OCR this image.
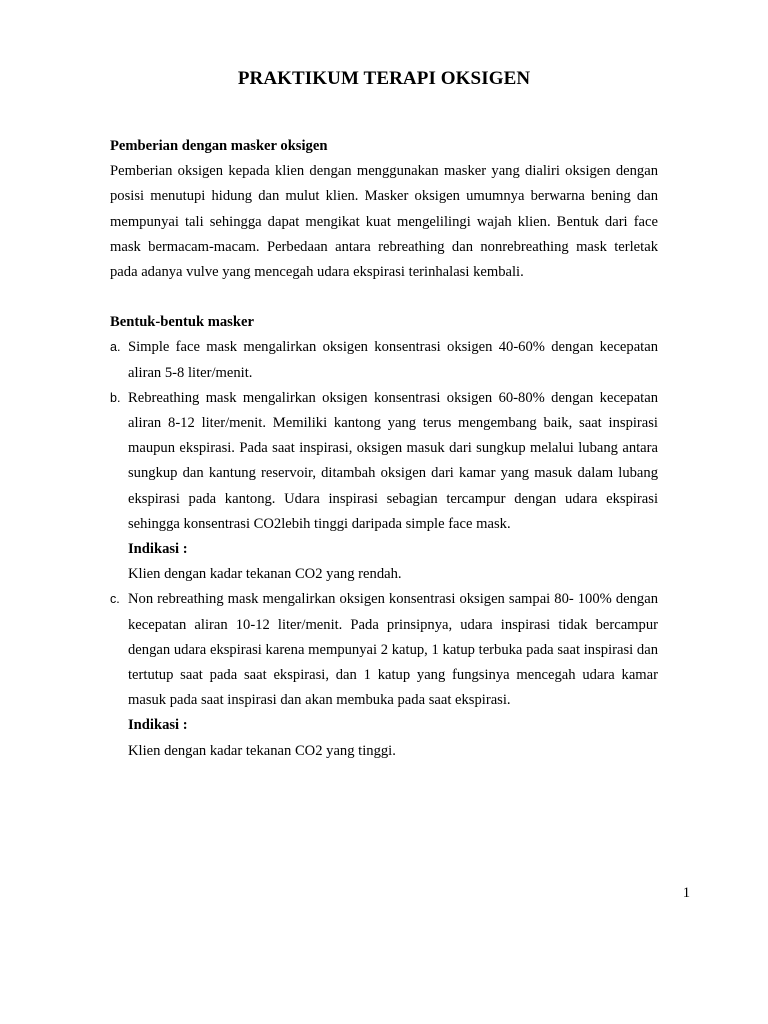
PRAKTIKUM TERAPI OKSIGEN

Pemberian dengan masker oksigen

Pemberian oksigen kepada klien dengan menggunakan masker yang dialiri oksigen dengan posisi menutupi hidung dan mulut klien. Masker oksigen umumnya berwarna bening dan mempunyai tali sehingga dapat mengikat kuat mengelilingi wajah klien. Bentuk dari face mask bermacam-macam. Perbedaan antara rebreathing dan nonrebreathing mask terletak pada adanya vulve yang mencegah udara ekspirasi terinhalasi kembali.

Bentuk-bentuk masker

a. Simple face mask mengalirkan oksigen konsentrasi oksigen 40-60% dengan kecepatan aliran 5-8 liter/menit.

b. Rebreathing mask mengalirkan oksigen konsentrasi oksigen 60-80% dengan kecepatan aliran 8-12 liter/menit. Memiliki kantong yang terus mengembang baik, saat inspirasi maupun ekspirasi. Pada saat inspirasi, oksigen masuk dari sungkup melalui lubang antara sungkup dan kantung reservoir, ditambah oksigen dari kamar yang masuk dalam lubang ekspirasi pada kantong. Udara inspirasi sebagian tercampur dengan udara ekspirasi sehingga konsentrasi CO2lebih tinggi daripada simple face mask.

Indikasi :

Klien dengan kadar tekanan CO2 yang rendah.

c. Non rebreathing mask mengalirkan oksigen konsentrasi oksigen sampai 80- 100% dengan kecepatan aliran 10-12 liter/menit. Pada prinsipnya, udara inspirasi tidak bercampur dengan udara ekspirasi karena mempunyai 2 katup, 1 katup terbuka pada saat inspirasi dan tertutup saat pada saat ekspirasi, dan 1 katup yang fungsinya mencegah udara kamar masuk pada saat inspirasi dan akan membuka pada saat ekspirasi.

Indikasi :

Klien dengan kadar tekanan CO2 yang tinggi.

1
